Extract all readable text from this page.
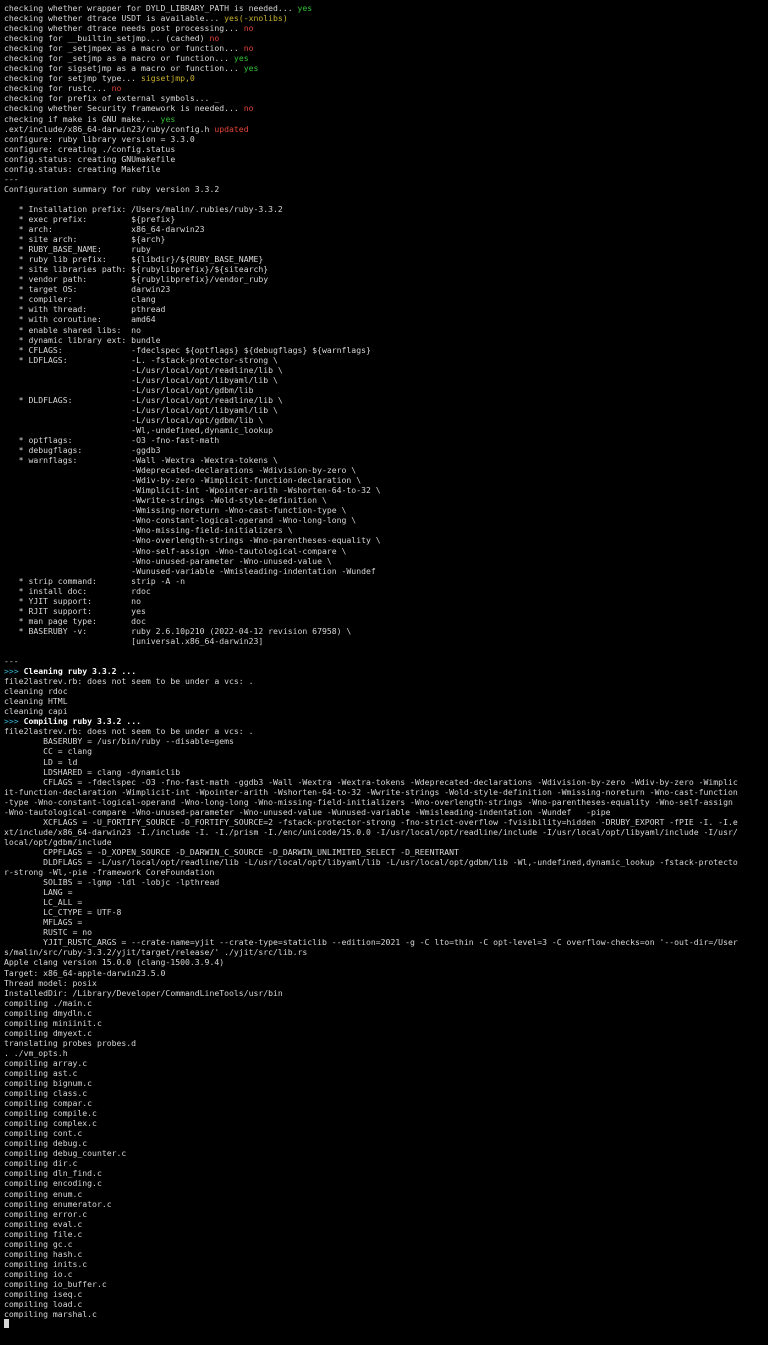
checking whether wrapper for DYLD_LIBRARY_PATH is needed... yes
checking whether dtrace USDT is available... yes(-xnolibs)
checking whether dtrace needs post processing... no
checking for __builtin_setjmp... (cached) no
checking for _setjmpex as a macro or function... no
checking for _setjmp as a macro or function... yes
checking for sigsetjmp as a macro or function... yes
checking for setjmp type... sigsetjmp,0
checking for rustc... no
checking for prefix of external symbols... _
checking whether Security framework is needed... no
checking if make is GNU make... yes
.ext/include/x86_64-darwin23/ruby/config.h updated
configure: ruby library version = 3.3.0
configure: creating ./config.status
config.status: creating GNUmakefile
config.status: creating Makefile
---
Configuration summary for ruby version 3.3.2
* Installation prefix: /Users/malin/.rubies/ruby-3.3.2
* exec prefix:         ${prefix}
* arch:                x86_64-darwin23
* site arch:           ${arch}
* RUBY_BASE_NAME:      ruby
* ruby lib prefix:     ${libdir}/${RUBY_BASE_NAME}
* site libraries path: ${rubylibprefix}/${sitearch}
* vendor path:         ${rubylibprefix}/vendor_ruby
* target OS:           darwin23
* compiler:            clang
* with thread:         pthread
* with coroutine:      amd64
* enable shared libs:  no
* dynamic library ext: bundle
* CFLAGS:              -fdeclspec ${optflags} ${debugflags} ${warnflags}
* LDFLAGS:             -L. -fstack-protector-strong \
-L/usr/local/opt/readline/lib \
-L/usr/local/opt/libyaml/lib \
-L/usr/local/opt/gdbm/lib
* DLDFLAGS:            -L/usr/local/opt/readline/lib \
-L/usr/local/opt/libyaml/lib \
-L/usr/local/opt/gdbm/lib \
-Wl,-undefined,dynamic_lookup
* optflags:            -O3 -fno-fast-math
* debugflags:          -ggdb3
* warnflags:           -Wall -Wextra -Wextra-tokens \
-Wdeprecated-declarations -Wdivision-by-zero \
-Wdiv-by-zero -Wimplicit-function-declaration \
-Wimplicit-int -Wpointer-arith -Wshorten-64-to-32 \
-Wwrite-strings -Wold-style-definition \
-Wmissing-noreturn -Wno-cast-function-type \
-Wno-constant-logical-operand -Wno-long-long \
-Wno-missing-field-initializers \
-Wno-overlength-strings -Wno-parentheses-equality \
-Wno-self-assign -Wno-tautological-compare \
-Wno-unused-parameter -Wno-unused-value \
-Wunused-variable -Wmisleading-indentation -Wundef
* strip command:       strip -A -n
* install doc:         rdoc
* YJIT support:        no
* RJIT support:        yes
* man page type:       doc
* BASERUBY -v:         ruby 2.6.10p210 (2022-04-12 revision 67958) \
[universal.x86_64-darwin23]
---
>>> Cleaning ruby 3.3.2 ...
file2lastrev.rb: does not seem to be under a vcs: .
cleaning rdoc
cleaning HTML
cleaning capi
>>> Compiling ruby 3.3.2 ...
file2lastrev.rb: does not seem to be under a vcs: .
BASERUBY = /usr/bin/ruby --disable=gems
CC = clang
LD = ld
LDSHARED = clang -dynamiclib
CFLAGS = -fdeclspec -O3 -fno-fast-math -ggdb3 -Wall -Wextra -Wextra-tokens -Wdeprecated-declarations -Wdivision-by-zero -Wdiv-by-zero -Wimplic
it-function-declaration -Wimplicit-int -Wpointer-arith -Wshorten-64-to-32 -Wwrite-strings -Wold-style-definition -Wmissing-noreturn -Wno-cast-function
-type -Wno-constant-logical-operand -Wno-long-long -Wno-missing-field-initializers -Wno-overlength-strings -Wno-parentheses-equality -Wno-self-assign
-Wno-tautological-compare -Wno-unused-parameter -Wno-unused-value -Wunused-variable -Wmisleading-indentation -Wundef   -pipe
XCFLAGS = -U_FORTIFY_SOURCE -D_FORTIFY_SOURCE=2 -fstack-protector-strong -fno-strict-overflow -fvisibility=hidden -DRUBY_EXPORT -fPIE -I. -I.e
xt/include/x86_64-darwin23 -I./include -I. -I./prism -I./enc/unicode/15.0.0 -I/usr/local/opt/readline/include -I/usr/local/opt/libyaml/include -I/usr/
local/opt/gdbm/include
CPPFLAGS = -D_XOPEN_SOURCE -D_DARWIN_C_SOURCE -D_DARWIN_UNLIMITED_SELECT -D_REENTRANT
DLDFLAGS = -L/usr/local/opt/readline/lib -L/usr/local/opt/libyaml/lib -L/usr/local/opt/gdbm/lib -Wl,-undefined,dynamic_lookup -fstack-protecto
r-strong -Wl,-pie -framework CoreFoundation
SOLIBS = -lgmp -ldl -lobjc -lpthread
LANG =
LC_ALL =
LC_CTYPE = UTF-8
MFLAGS =
RUSTC = no
YJIT_RUSTC_ARGS = --crate-name=yjit --crate-type=staticlib --edition=2021 -g -C lto=thin -C opt-level=3 -C overflow-checks=on '--out-dir=/User
s/malin/src/ruby-3.3.2/yjit/target/release/' ./yjit/src/lib.rs
Apple clang version 15.0.0 (clang-1500.3.9.4)
Target: x86_64-apple-darwin23.5.0
Thread model: posix
InstalledDir: /Library/Developer/CommandLineTools/usr/bin
compiling ./main.c
compiling dmydln.c
compiling miniinit.c
compiling dmyext.c
translating probes probes.d
. ./vm_opts.h
compiling array.c
compiling ast.c
compiling bignum.c
compiling class.c
compiling compar.c
compiling compile.c
compiling complex.c
compiling cont.c
compiling debug.c
compiling debug_counter.c
compiling dir.c
compiling dln_find.c
compiling encoding.c
compiling enum.c
compiling enumerator.c
compiling error.c
compiling eval.c
compiling file.c
compiling gc.c
compiling hash.c
compiling inits.c
compiling io.c
compiling io_buffer.c
compiling iseq.c
compiling load.c
compiling marshal.c
